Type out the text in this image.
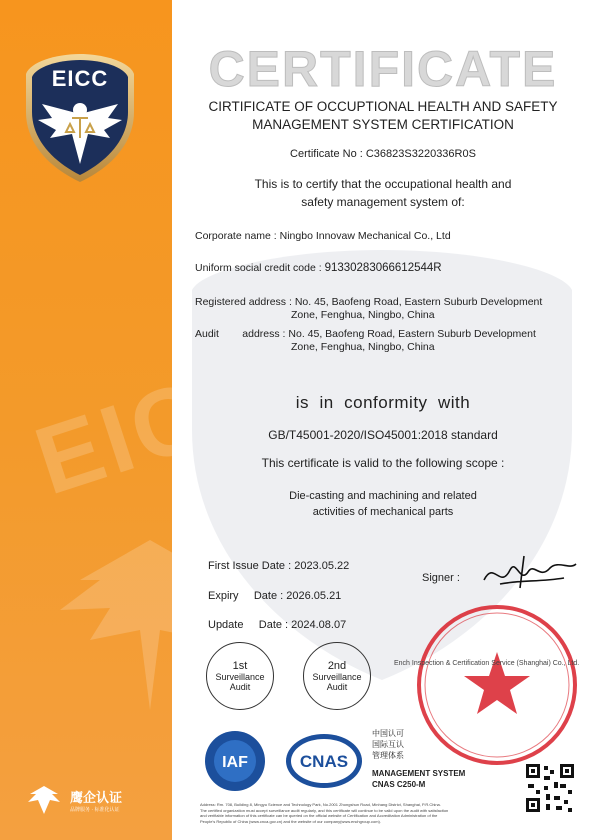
EICC
EICC
鹰企认证
品牌服务 · 标准化认证
CERTIFICATE
CIRTIFICATE OF OCCUPTIONAL HEALTH AND SAFETY
MANAGEMENT SYSTEM CERTIFICATION
Certificate No : C36823S3220336R0S
This is to certify that the occupational health and
safety management system of:
Corporate name : Ningbo Innovaw Mechanical Co., Ltd
Uniform social credit code : 91330283066612544R
Registered address : No. 45, Baofeng Road, Eastern Suburb Development
Zone, Fenghua, Ningbo, China
Audit        address : No. 45, Baofeng Road, Eastern Suburb Development
Zone, Fenghua, Ningbo, China
is  in  conformity  with
GB/T45001-2020/ISO45001:2018 standard
This certificate is valid to the following scope :
Die-casting and machining and related
activities of mechanical parts
First Issue Date : 2023.05.22
Expiry     Date : 2026.05.21
Update     Date : 2024.08.07
Signer :
1st
Surveillance Audit
2nd
Surveillance Audit
Ench Inspection & Certification Service (Shanghai) Co., Ltd.
IAF	CNAS
中国认可
国际互认
管理体系
MANAGEMENT SYSTEM
CNAS C250-M
Address: Rm. 708, Building 8, Mingyu Science and Technology Park, No.2001 Zhongshun Road, Minhang District, Shanghai, P.R.China.
The certified organization must accept surveillance audit regularly, and this certificate will continue to be valid upon the audit with satisfaction
and verifiable information of this certificate can be queried on the official website of Certification and Accreditation Administration of the
People's Republic of China (www.cnca.gov.cn) and the website of our company(www.enchgroup.com).
